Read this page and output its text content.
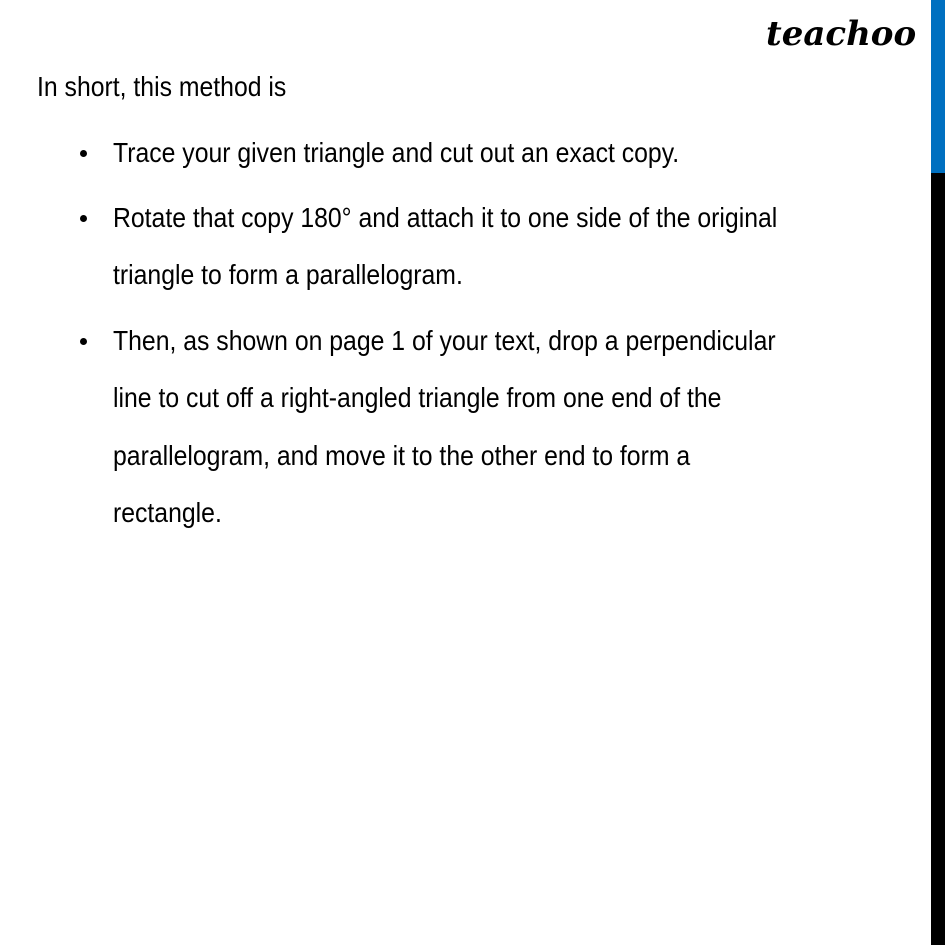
teachoo
In short, this method is
Trace your given triangle and cut out an exact copy.
Rotate that copy 180° and attach it to one side of the original
triangle to form a parallelogram.
Then, as shown on page 1 of your text, drop a perpendicular
line to cut off a right-angled triangle from one end of the
parallelogram, and move it to the other end to form a
rectangle.
